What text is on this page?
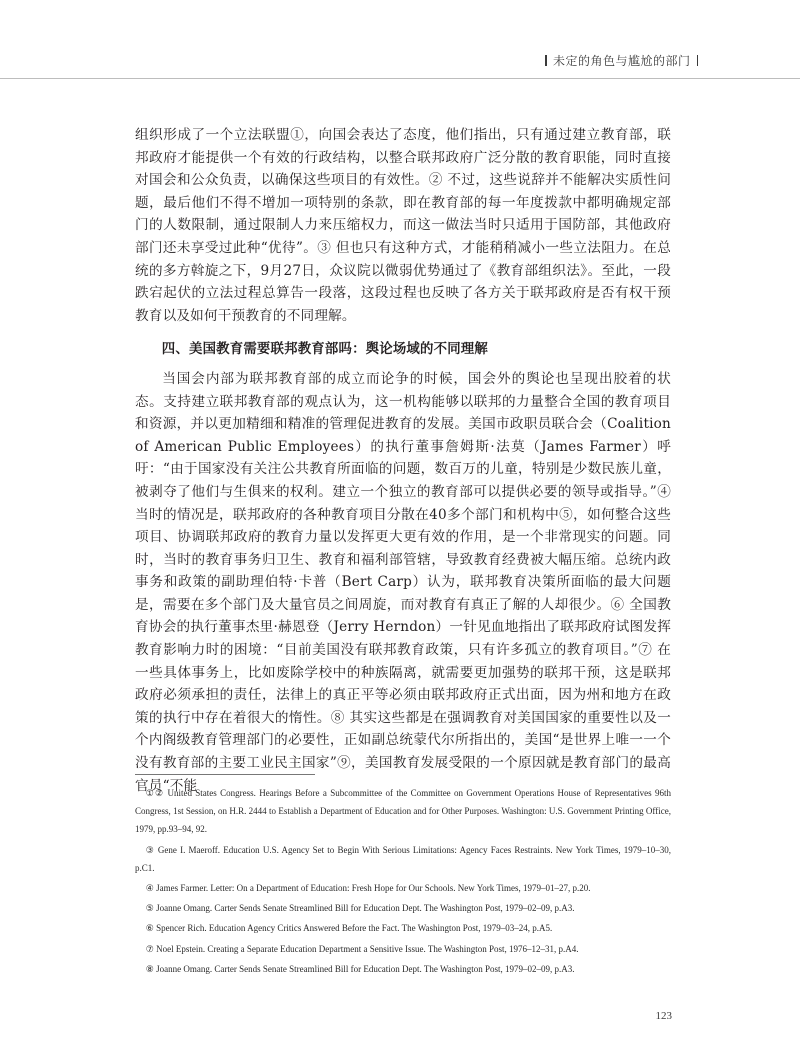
未定的角色与尴尬的部门

组织形成了一个立法联盟①，向国会表达了态度，他们指出，只有通过建立教育部，联邦政府才能提供一个有效的行政结构，以整合联邦政府广泛分散的教育职能，同时直接对国会和公众负责，以确保这些项目的有效性。② 不过，这些说辞并不能解决实质性问题，最后他们不得不增加一项特别的条款，即在教育部的每一年度拨款中都明确规定部门的人数限制，通过限制人力来压缩权力，而这一做法当时只适用于国防部，其他政府部门还未享受过此种“优待”。③ 但也只有这种方式，才能稍稍减小一些立法阻力。在总统的多方斡旋之下，9月27日，众议院以微弱优势通过了《教育部组织法》。至此，一段跌宕起伏的立法过程总算告一段落，这段过程也反映了各方关于联邦政府是否有权干预教育以及如何干预教育的不同理解。

四、美国教育需要联邦教育部吗：舆论场域的不同理解

当国会内部为联邦教育部的成立而论争的时候，国会外的舆论也呈现出胶着的状态。支持建立联邦教育部的观点认为，这一机构能够以联邦的力量整合全国的教育项目和资源，并以更加精细和精准的管理促进教育的发展。美国市政职员联合会（Coalition of American Public Employees）的执行董事詹姆斯·法莫（James Farmer）呼吁：“由于国家没有关注公共教育所面临的问题，数百万的儿童，特别是少数民族儿童，被剥夺了他们与生俱来的权利。建立一个独立的教育部可以提供必要的领导或指导。”④ 当时的情况是，联邦政府的各种教育项目分散在40多个部门和机构中⑤，如何整合这些项目、协调联邦政府的教育力量以发挥更大更有效的作用，是一个非常现实的问题。同时，当时的教育事务归卫生、教育和福利部管辖，导致教育经费被大幅压缩。总统内政事务和政策的副助理伯特·卡普（Bert Carp）认为，联邦教育决策所面临的最大问题是，需要在多个部门及大量官员之间周旋，而对教育有真正了解的人却很少。⑥ 全国教育协会的执行董事杰里·赫恩登（Jerry Herndon）一针见血地指出了联邦政府试图发挥教育影响力时的困境：“目前美国没有联邦教育政策，只有许多孤立的教育项目。”⑦ 在一些具体事务上，比如废除学校中的种族隔离，就需要更加强势的联邦干预，这是联邦政府必须承担的责任，法律上的真正平等必须由联邦政府正式出面，因为州和地方在政策的执行中存在着很大的惰性。⑧ 其实这些都是在强调教育对美国国家的重要性以及一个内阁级教育管理部门的必要性，正如副总统蒙代尔所指出的，美国“是世界上唯一一个没有教育部的主要工业民主国家”⑨，美国教育发展受限的一个原因就是教育部门的最高官员“不能

①② United States Congress. Hearings Before a Subcommittee of the Committee on Government Operations House of Representatives 96th Congress, 1st Session, on H.R. 2444 to Establish a Department of Education and for Other Purposes. Washington: U.S. Government Printing Office, 1979, pp.93–94, 92.

③ Gene I. Maeroff. Education U.S. Agency Set to Begin With Serious Limitations: Agency Faces Restraints. New York Times, 1979–10–30, p.C1.

④ James Farmer. Letter: On a Department of Education: Fresh Hope for Our Schools. New York Times, 1979–01–27, p.20.

⑤ Joanne Omang. Carter Sends Senate Streamlined Bill for Education Dept. The Washington Post, 1979–02–09, p.A3.

⑥ Spencer Rich. Education Agency Critics Answered Before the Fact. The Washington Post, 1979–03–24, p.A5.

⑦ Noel Epstein. Creating a Separate Education Department a Sensitive Issue. The Washington Post, 1976–12–31, p.A4.

⑧ Joanne Omang. Carter Sends Senate Streamlined Bill for Education Dept. The Washington Post, 1979–02–09, p.A3.

123
